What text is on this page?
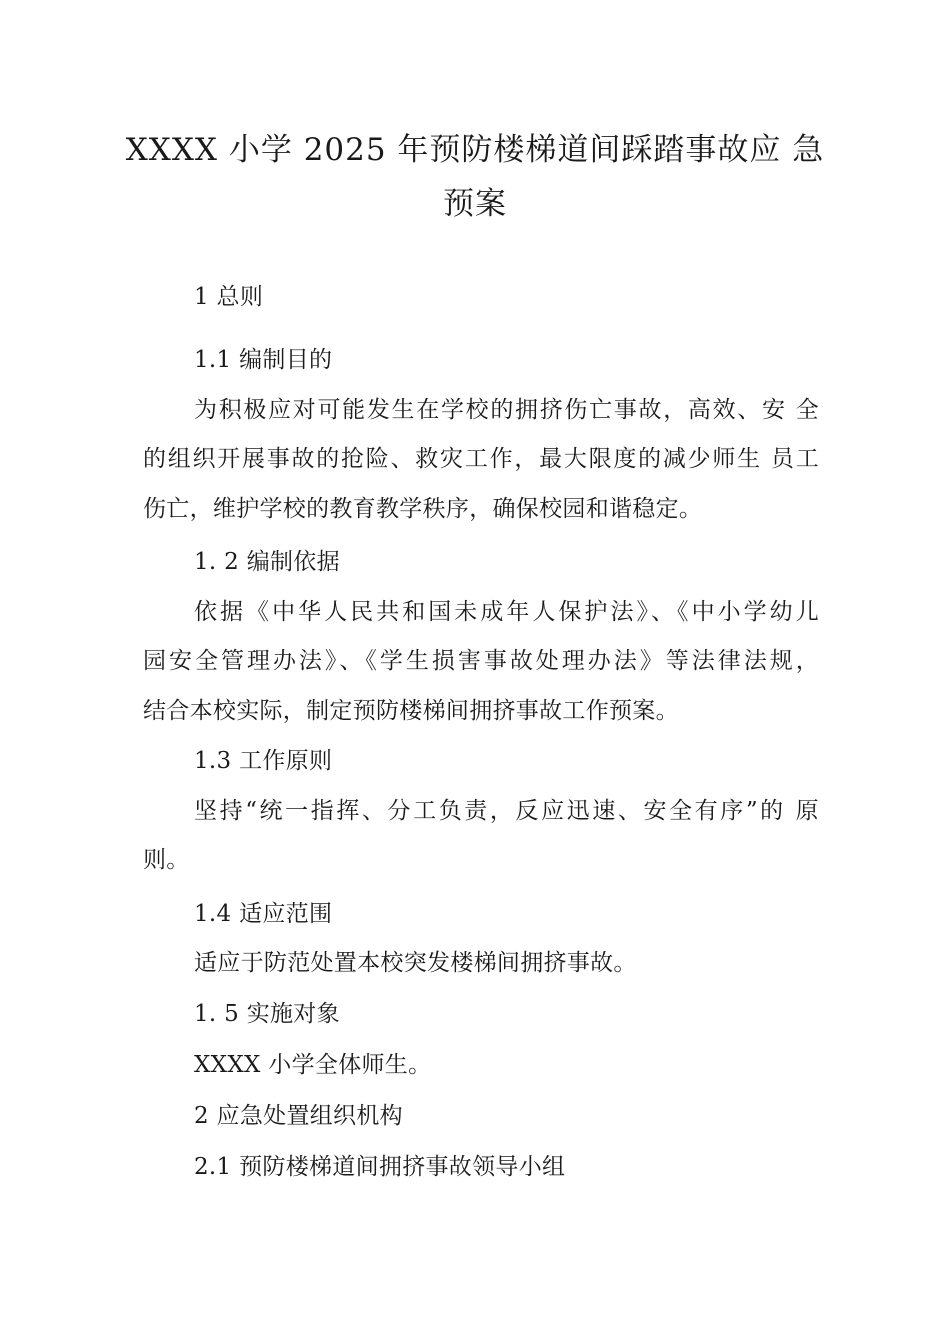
XXXX 小学 2025 年预防楼梯道间踩踏事故应 急
预案
1 总则
1.1 编制目的
为积极应对可能发生在学校的拥挤伤亡事故，高效、安 全
的组织开展事故的抢险、救灾工作，最大限度的减少师生 员工
伤亡，维护学校的教育教学秩序，确保校园和谐稳定。
1. 2 编制依据
依据《中华人民共和国未成年人保护法》、《中小学幼儿
园安全管理办法》、《学生损害事故处理办法》等法律法规，
结合本校实际，制定预防楼梯间拥挤事故工作预案。
1.3 工作原则
坚持“统一指挥、分工负责，反应迅速、安全有序”的 原
则。
1.4 适应范围
适应于防范处置本校突发楼梯间拥挤事故。
1. 5 实施对象
XXXX 小学全体师生。
2 应急处置组织机构
2.1 预防楼梯道间拥挤事故领导小组
